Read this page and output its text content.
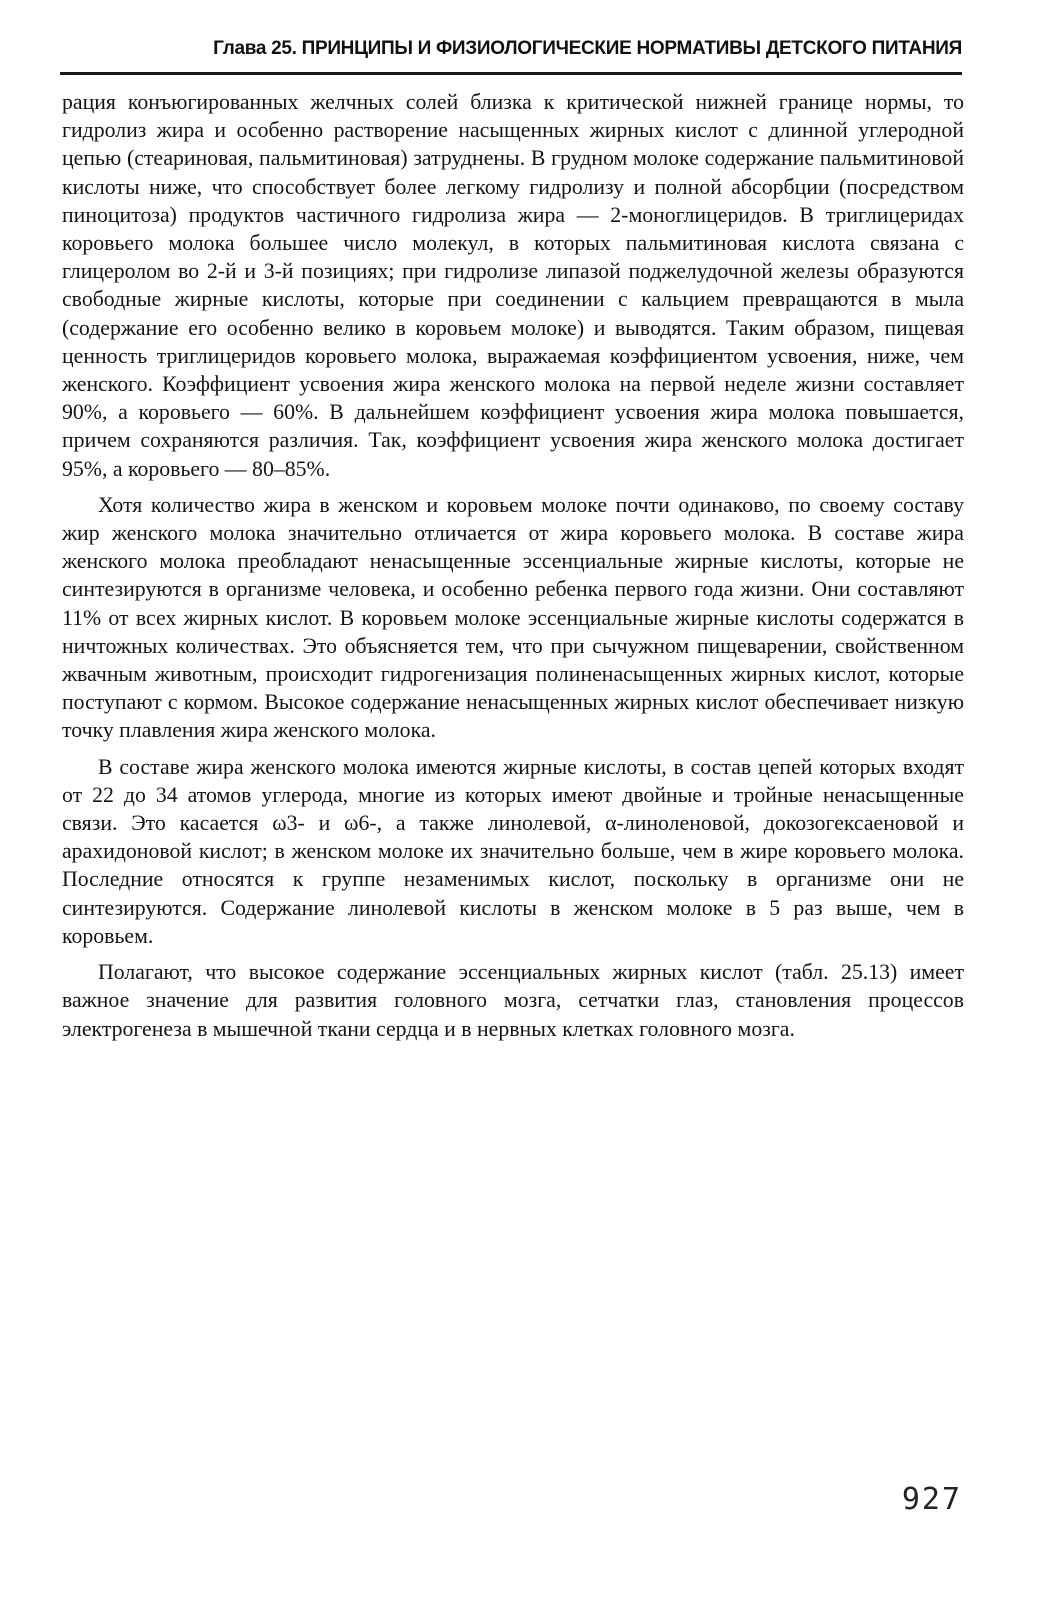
Глава 25. ПРИНЦИПЫ И ФИЗИОЛОГИЧЕСКИЕ НОРМАТИВЫ ДЕТСКОГО ПИТАНИЯ

рация конъюгированных желчных солей близка к критической нижней границе нормы, то гидролиз жира и особенно растворение насыщенных жирных кислот с длинной углеродной цепью (стеариновая, пальмитиновая) затруднены. В грудном молоке содержание пальмитиновой кислоты ниже, что способствует более легкому гидролизу и полной абсорбции (посредством пиноцитоза) продуктов частичного гидролиза жира — 2-моноглицеридов. В триглицеридах коровьего молока большее число молекул, в которых пальмитиновая кислота связана с глицеролом во 2-й и 3-й позициях; при гидролизе липазой поджелудочной железы образуются свободные жирные кислоты, которые при соединении с кальцием превращаются в мыла (содержание его особенно велико в коровьем молоке) и выводятся. Таким образом, пищевая ценность триглицеридов коровьего молока, выражаемая коэффициентом усвоения, ниже, чем женского. Коэффициент усвоения жира женского молока на первой неделе жизни составляет 90%, а коровьего — 60%. В дальнейшем коэффициент усвоения жира молока повышается, причем сохраняются различия. Так, коэффициент усвоения жира женского молока достигает 95%, а коровьего — 80–85%.

Хотя количество жира в женском и коровьем молоке почти одинаково, по своему составу жир женского молока значительно отличается от жира коровьего молока. В составе жира женского молока преобладают ненасыщенные эссенциальные жирные кислоты, которые не синтезируются в организме человека, и особенно ребенка первого года жизни. Они составляют 11% от всех жирных кислот. В коровьем молоке эссенциальные жирные кислоты содержатся в ничтожных количествах. Это объясняется тем, что при сычужном пищеварении, свойственном жвачным животным, происходит гидрогенизация полиненасыщенных жирных кислот, которые поступают с кормом. Высокое содержание ненасыщенных жирных кислот обеспечивает низкую точку плавления жира женского молока.

В составе жира женского молока имеются жирные кислоты, в состав цепей которых входят от 22 до 34 атомов углерода, многие из которых имеют двойные и тройные ненасыщенные связи. Это касается ω3- и ω6-, а также линолевой, α-линоленовой, докозогексаеновой и арахидоновой кислот; в женском молоке их значительно больше, чем в жире коровьего молока. Последние относятся к группе незаменимых кислот, поскольку в организме они не синтезируются. Содержание линолевой кислоты в женском молоке в 5 раз выше, чем в коровьем.

Полагают, что высокое содержание эссенциальных жирных кислот (табл. 25.13) имеет важное значение для развития головного мозга, сетчатки глаз, становления процессов электрогенеза в мышечной ткани сердца и в нервных клетках головного мозга.

927
